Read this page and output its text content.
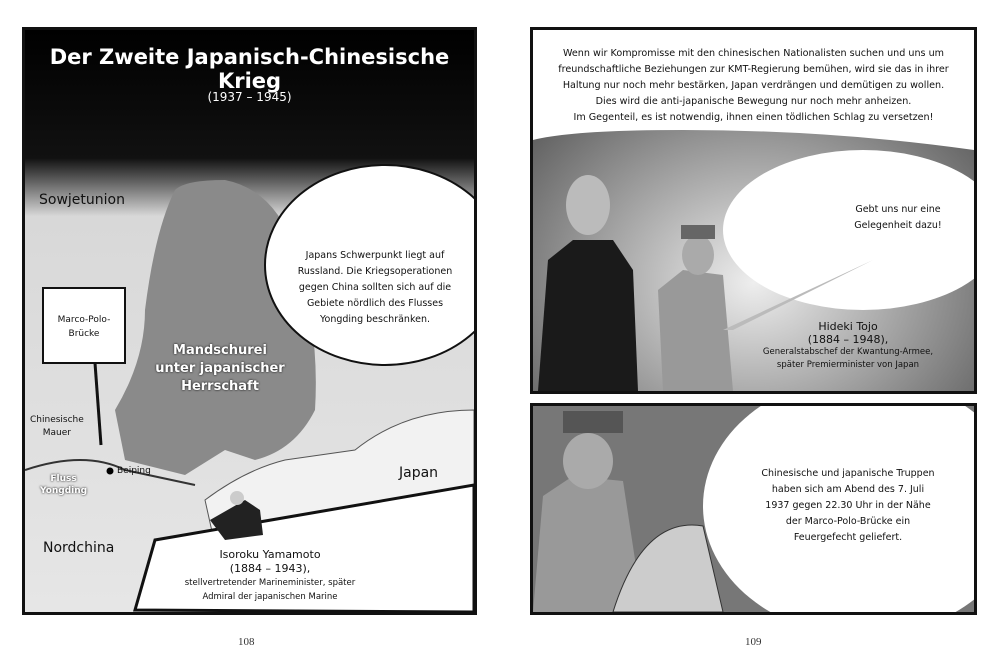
Der Zweite Japanisch-Chinesische Krieg
(1937 – 1945)
Sowjetunion
Mandschurei
unter japanischer
Herrschaft
Chinesische
Mauer
Fluss
Yongding
Beiping
Nordchina
Japan
Marco-Polo-
Brücke
Japans Schwerpunkt liegt auf
Russland. Die Kriegsoperationen
gegen China sollten sich auf die
Gebiete nördlich des Flusses
Yongding beschränken.
Isoroku Yamamoto
(1884 – 1943),
stellvertretender Marineminister, später
Admiral der japanischen Marine
Wenn wir Kompromisse mit den chinesischen Nationalisten suchen und uns um
freundschaftliche Beziehungen zur KMT-Regierung bemühen, wird sie das in ihrer
Haltung nur noch mehr bestärken, Japan verdrängen und demütigen zu wollen.
Dies wird die anti-japanische Bewegung nur noch mehr anheizen.
Im Gegenteil, es ist notwendig, ihnen einen tödlichen Schlag zu versetzen!
Gebt uns nur eine
Gelegenheit dazu!
Hideki Tojo
(1884 – 1948),
Generalstabschef der Kwantung-Armee,
später Premierminister von Japan
Chinesische und japanische Truppen
haben sich am Abend des 7. Juli
1937 gegen 22.30 Uhr in der Nähe
der Marco-Polo-Brücke ein
Feuergefecht geliefert.
108	109
